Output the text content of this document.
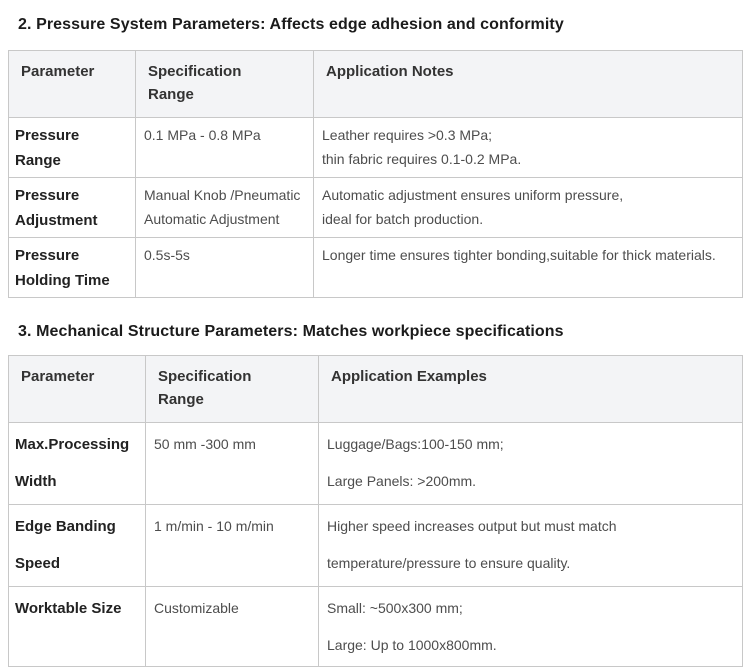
2. Pressure System Parameters: Affects edge adhesion and conformity
Parameter	Specification Range	Application Notes
Pressure Range	0.1 MPa - 0.8 MPa	Leather requires >0.3 MPa;
thin fabric requires 0.1-0.2 MPa.

Pressure Adjustment	Manual Knob /Pneumatic Automatic Adjustment	Automatic adjustment ensures uniform pressure,
ideal for batch production.

Pressure Holding Time	0.5s-5s	Longer time ensures tighter bonding,suitable for thick materials.
3. Mechanical Structure Parameters: Matches workpiece specifications
Parameter	Specification Range	Application Examples
Max.Processing Width	50 mm -300 mm	Luggage/Bags:100-150 mm;
Large Panels: >200mm.

Edge Banding Speed	1 m/min - 10 m/min	Higher speed increases output but must match
temperature/pressure to ensure quality.

Worktable Size	Customizable	Small: ~500x300 mm;
Large: Up to 1000x800mm.
